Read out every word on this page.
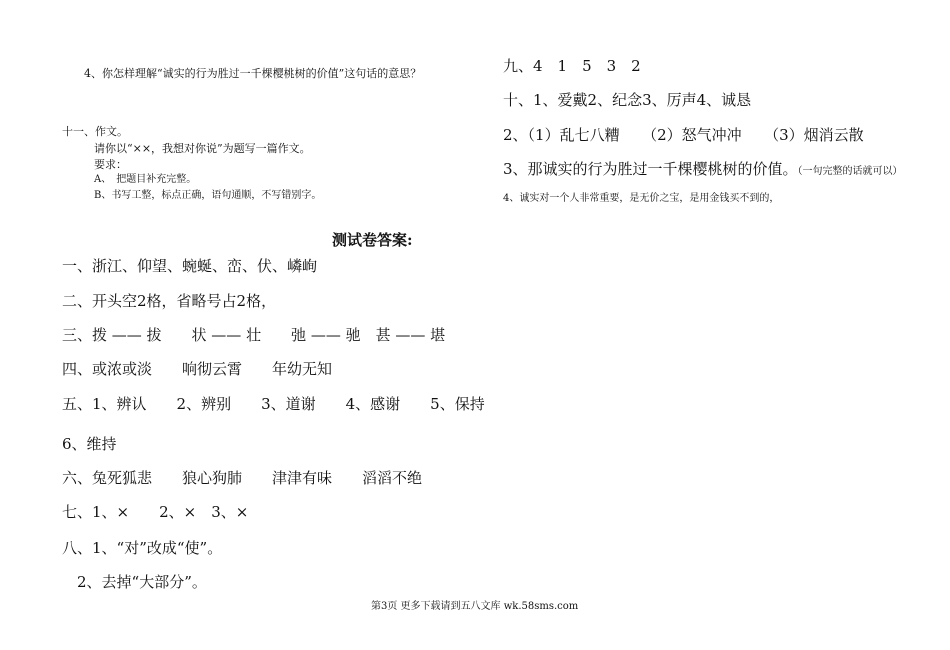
4、你怎样理解“诚实的行为胜过一千棵樱桃树的价值”这句话的意思？
十一、作文。
请你以“××，我想对你说”为题写一篇作文。
要求：
A、　把题目补充完整。
B、书写工整，标点正确，语句通顺，不写错别字。
测试卷答案:
一、浙江、仰望、蜿蜒、峦、伏、嶙峋
二、开头空2格，省略号占2格，
三、拨 —— 拔　　状 —— 壮　　弛 —— 驰　甚 —— 堪
四、或浓或淡　　响彻云霄　　年幼无知
五、1、辨认　　2、辨别　　3、道谢　　4、感谢　　5、保持
6、维持
六、兔死狐悲　　狼心狗肺　　津津有味　　滔滔不绝
七、1、×　　2、×　3、×
八、1、“对”改成“使”。
　2、去掉“大部分”。
九、4　1　5　3　2
十、1、爱戴2、纪念3、厉声4、诚恳
2、（1）乱七八糟　　（2）怒气冲冲　　（3）烟消云散
3、那诚实的行为胜过一千棵樱桃树的价值。（一句完整的话就可以）
4、诚实对一个人非常重要，是无价之宝，是用金钱买不到的，
第3页 更多下载请到五八文库 wk.58sms.com
